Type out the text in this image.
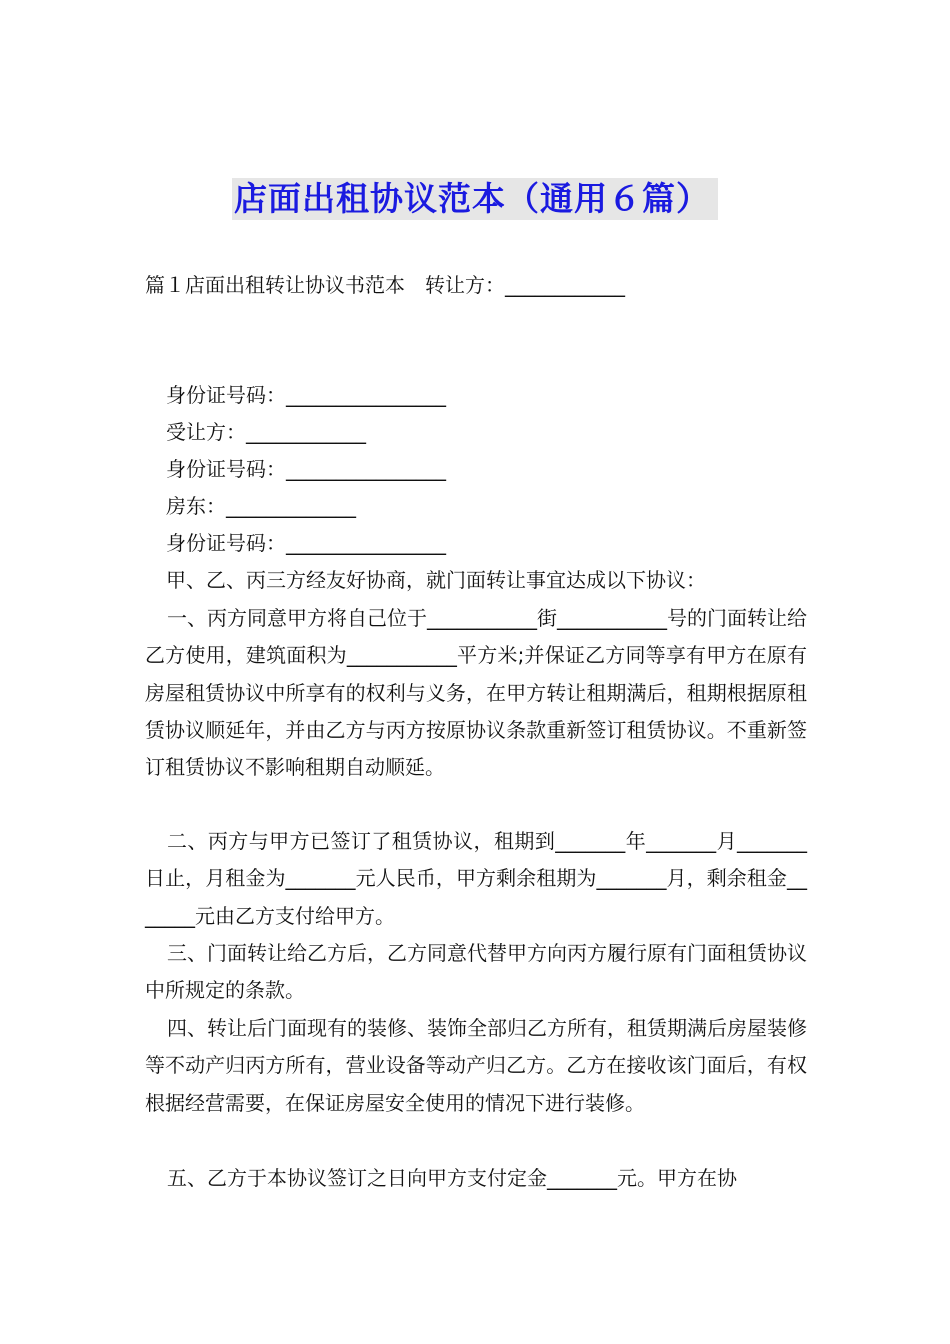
店面出租协议范本（通用６篇）
篇１店面出租转让协议书范本　转让方：____________
身份证号码：________________
受让方：____________
身份证号码：________________
房东：_____________
身份证号码：________________
甲、乙、丙三方经友好协商，就门面转让事宜达成以下协议：
一、丙方同意甲方将自己位于___________街___________号的门面转让给乙方使用，建筑面积为___________平方米;并保证乙方同等享有甲方在原有房屋租赁协议中所享有的权利与义务，在甲方转让租期满后，租期根据原租赁协议顺延年，并由乙方与丙方按原协议条款重新签订租赁协议。不重新签订租赁协议不影响租期自动顺延。
二、丙方与甲方已签订了租赁协议，租期到_______年_______月_______日止，月租金为_______元人民币，甲方剩余租期为_______月，剩余租金_______元由乙方支付给甲方。
三、门面转让给乙方后，乙方同意代替甲方向丙方履行原有门面租赁协议中所规定的条款。
四、转让后门面现有的装修、装饰全部归乙方所有，租赁期满后房屋装修等不动产归丙方所有，营业设备等动产归乙方。乙方在接收该门面后，有权根据经营需要，在保证房屋安全使用的情况下进行装修。
五、乙方于本协议签订之日向甲方支付定金_______元。甲方在协
